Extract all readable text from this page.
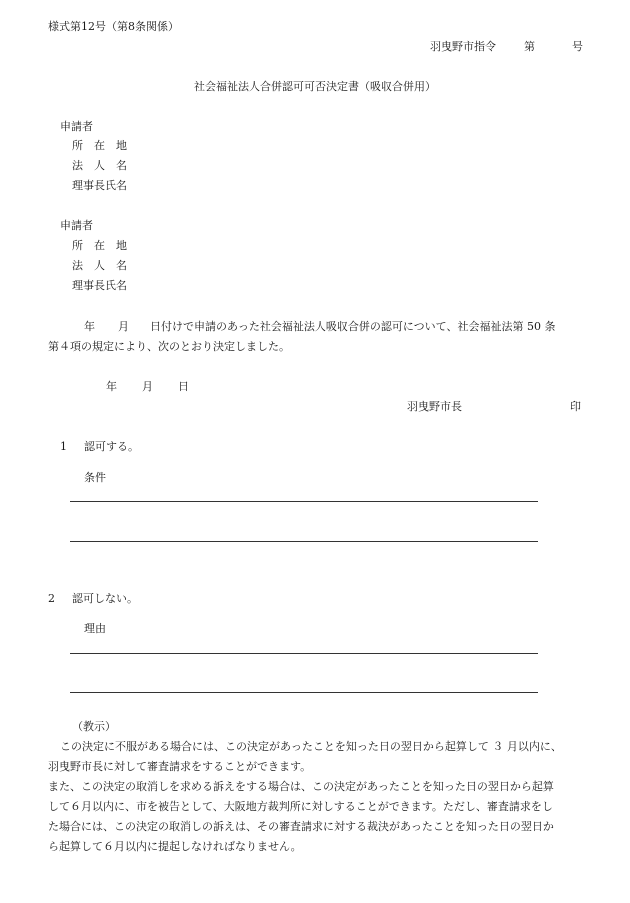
様式第12号（第8条関係）
羽曳野市指令	第	号
社会福祉法人合併認可可否決定書（吸収合併用）
申請者
所　在　地
法　人　名
理事長氏名
申請者
所　在　地
法　人　名
理事長氏名
年 月 日付けで申請のあった社会福祉法人吸収合併の認可について、社会福祉法第 50 条
第４項の規定により、次のとおり決定しました。
年 月 日
羽曳野市長	印
1 認可する。
条件
2 認可しない。
理由
（教示）
この決定に不服がある場合には、この決定があったことを知った日の翌日から起算して ３ 月以内に、
羽曳野市長に対して審査請求をすることができます。
また、この決定の取消しを求める訴えをする場合は、この決定があったことを知った日の翌日から起算
して６月以内に、市を被告として、大阪地方裁判所に対しすることができます。ただし、審査請求をし
た場合には、この決定の取消しの訴えは、その審査請求に対する裁決があったことを知った日の翌日か
ら起算して６月以内に提起しなければなりません。
